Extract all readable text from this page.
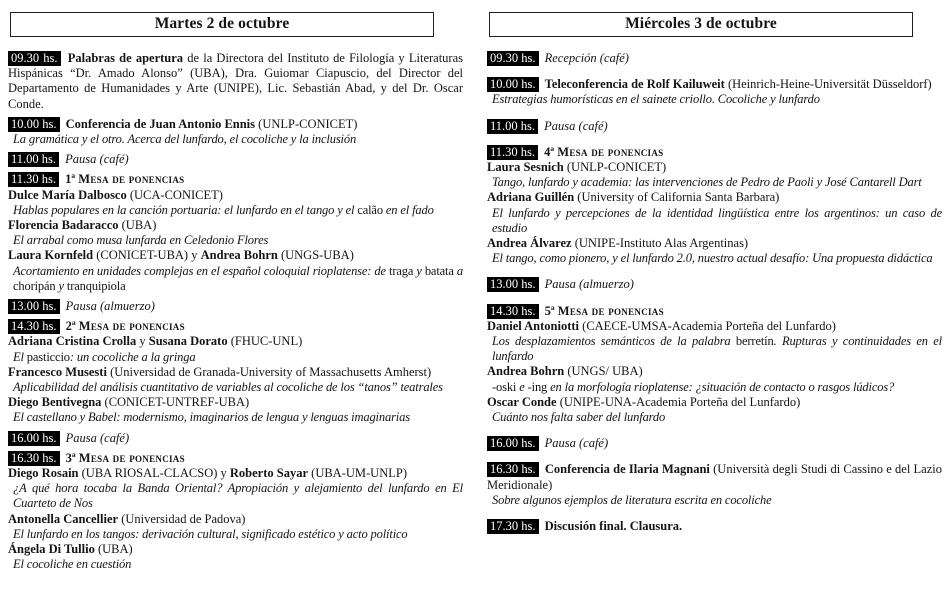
Martes 2 de octubre

09.30 hs. Palabras de apertura de la Directora del Instituto de Filología y Literaturas Hispánicas “Dr. Amado Alonso” (UBA), Dra. Guiomar Ciapuscio, del Director del Departamento de Humanidades y Arte (UNIPE), Lic. Sebastián Abad, y del Dr. Oscar Conde.

10.00 hs. Conferencia de Juan Antonio Ennis (UNLP-CONICET)

La gramática y el otro. Acerca del lunfardo, el cocoliche y la inclusión

11.00 hs. Pausa (café)

11.30 hs. 1ª Mesa de ponencias

Dulce María Dalbosco (UCA-CONICET)

Hablas populares en la canción portuaria: el lunfardo en el tango y el calão en el fado

Florencia Badaracco (UBA)

El arrabal como musa lunfarda en Celedonio Flores

Laura Kornfeld (CONICET-UBA) y Andrea Bohrn (UNGS-UBA)

Acortamiento en unidades complejas en el español coloquial rioplatense: de traga y batata a choripán y tranquipiola

13.00 hs. Pausa (almuerzo)

14.30 hs. 2ª Mesa de ponencias

Adriana Cristina Crolla y Susana Dorato (FHUC-UNL)

El pasticcio: un cocoliche a la gringa

Francesco Musesti (Universidad de Granada-University of Massachusetts Amherst)

Aplicabilidad del análisis cuantitativo de variables al cocoliche de los “tanos” teatrales

Diego Bentivegna (CONICET-UNTREF-UBA)

El castellano y Babel: modernismo, imaginarios de lengua y lenguas imaginarias

16.00 hs. Pausa (café)

16.30 hs. 3ª Mesa de ponencias

Diego Rosain (UBA RIOSAL-CLACSO) y Roberto Sayar (UBA-UM-UNLP)

¿A qué hora tocaba la Banda Oriental? Apropiación y alejamiento del lunfardo en El Cuarteto de Nos

Antonella Cancellier (Universidad de Padova)

El lunfardo en los tangos: derivación cultural, significado estético y acto político

Ángela Di Tullio (UBA)

El cocoliche en cuestión

Miércoles 3 de octubre

09.30 hs. Recepción (café)

10.00 hs. Teleconferencia de Rolf Kailuweit (Heinrich-Heine-Universität Düsseldorf)

Estrategias humorísticas en el sainete criollo. Cocoliche y lunfardo

11.00 hs. Pausa (café)

11.30 hs. 4ª Mesa de ponencias

Laura Sesnich (UNLP-CONICET)

Tango, lunfardo y academia: las intervenciones de Pedro de Paoli y José Cantarell Dart

Adriana Guillén (University of California Santa Barbara)

El lunfardo y percepciones de la identidad lingüística entre los argentinos: un caso de estudio

Andrea Álvarez (UNIPE-Instituto Alas Argentinas)

El tango, como pionero, y el lunfardo 2.0, nuestro actual desafío: Una propuesta didáctica

13.00 hs. Pausa (almuerzo)

14.30 hs. 5ª Mesa de ponencias

Daniel Antoniotti (CAECE-UMSA-Academia Porteña del Lunfardo)

Los desplazamientos semánticos de la palabra berretín. Rupturas y continuidades en el lunfardo

Andrea Bohrn (UNGS/ UBA)

-oski e -ing en la morfología rioplatense: ¿situación de contacto o rasgos lúdicos?

Oscar Conde (UNIPE-UNA-Academia Porteña del Lunfardo)

Cuánto nos falta saber del lunfardo

16.00 hs. Pausa (café)

16.30 hs. Conferencia de Ilaria Magnani (Università degli Studi di Cassino e del Lazio Meridionale)

Sobre algunos ejemplos de literatura escrita en cocoliche

17.30 hs. Discusión final. Clausura.
